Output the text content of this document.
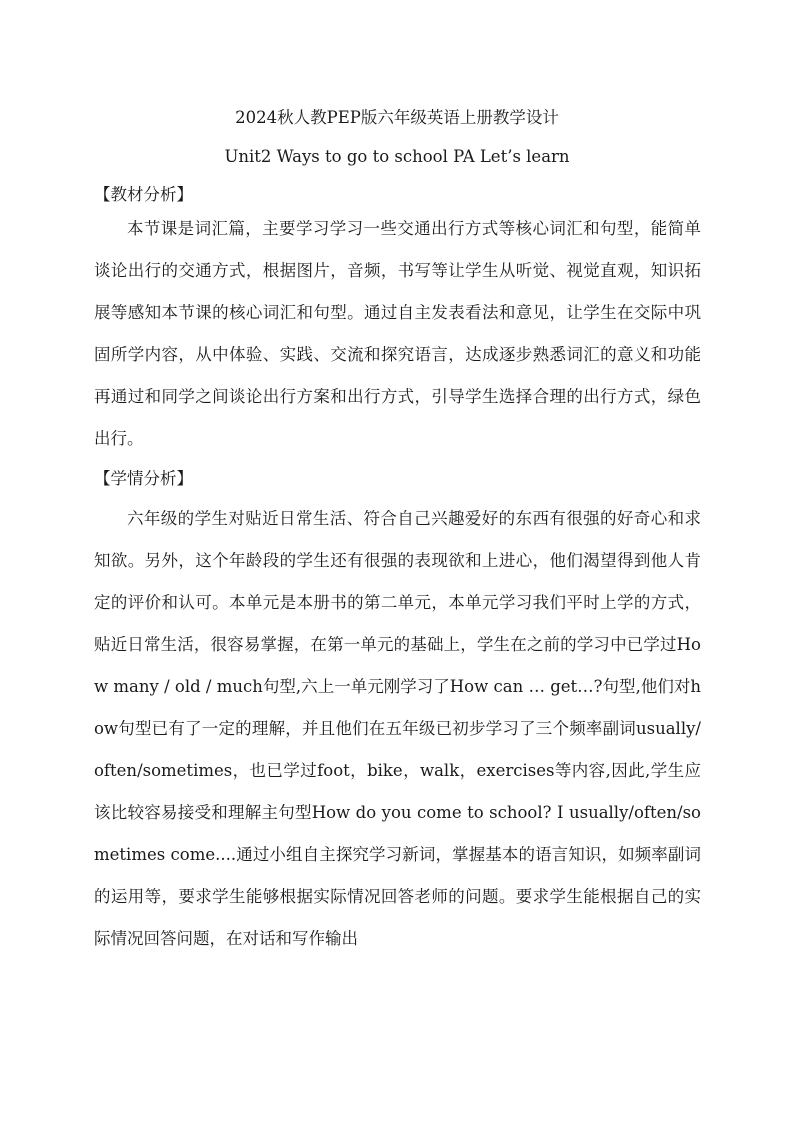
2024秋人教PEP版六年级英语上册教学设计
Unit2 Ways to go to school PA Let’s learn
【教材分析】

本节课是词汇篇，主要学习学习一些交通出行方式等核心词汇和句型，能简单谈论出行的交通方式，根据图片，音频，书写等让学生从听觉、视觉直观，知识拓展等感知本节课的核心词汇和句型。通过自主发表看法和意见，让学生在交际中巩固所学内容，从中体验、实践、交流和探究语言，达成逐步熟悉词汇的意义和功能再通过和同学之间谈论出行方案和出行方式，引导学生选择合理的出行方式，绿色出行。

【学情分析】

六年级的学生对贴近日常生活、符合自己兴趣爱好的东西有很强的好奇心和求知欲。另外，这个年龄段的学生还有很强的表现欲和上进心，他们渴望得到他人肯定的评价和认可。本单元是本册书的第二单元，本单元学习我们平时上学的方式，贴近日常生活，很容易掌握，在第一单元的基础上，学生在之前的学习中已学过How many / old / much句型,六上一单元刚学习了How can … get…?句型,他们对how句型已有了一定的理解，并且他们在五年级已初步学习了三个频率副词usually/often/sometimes，也已学过foot，bike，walk，exercises等内容,因此,学生应该比较容易接受和理解主句型How do you come to school? I usually/often/sometimes come....通过小组自主探究学习新词，掌握基本的语言知识，如频率副词的运用等，要求学生能够根据实际情况回答老师的问题。要求学生能根据自己的实际情况回答问题，在对话和写作输出
